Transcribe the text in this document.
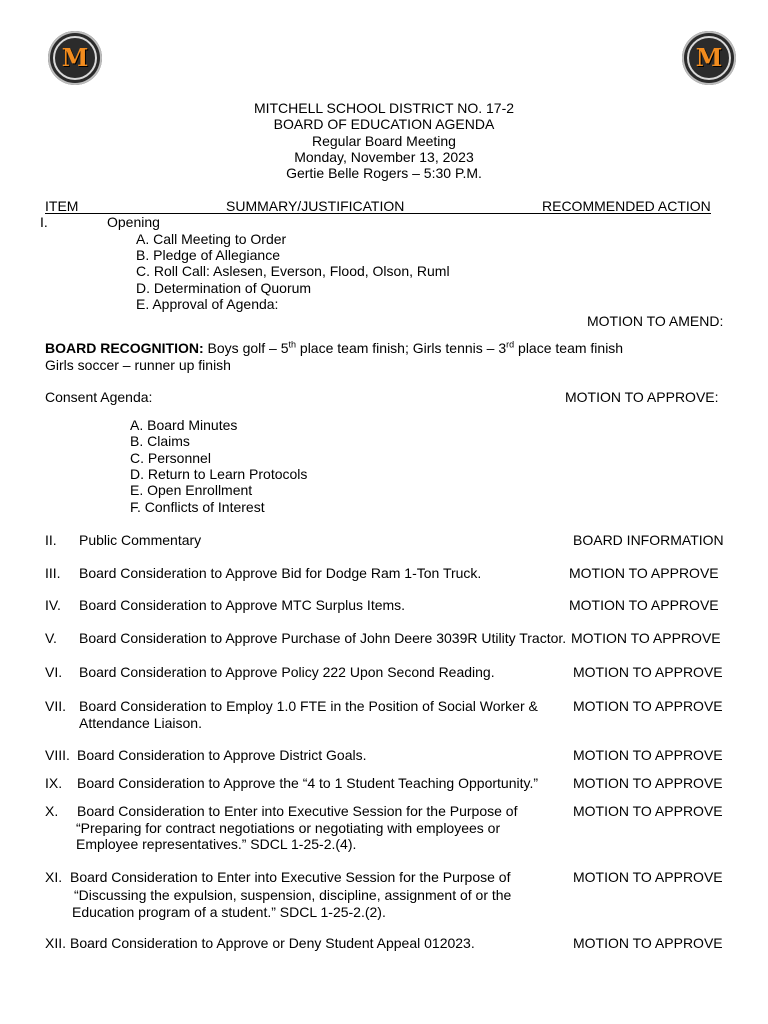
M	M
MITCHELL SCHOOL DISTRICT NO. 17-2
BOARD OF EDUCATION AGENDA
Regular Board Meeting
Monday, November 13, 2023
Gertie Belle Rogers – 5:30 P.M.
ITEM	SUMMARY/JUSTIFICATION	RECOMMENDED ACTION
I.	Opening
A. Call Meeting to Order
B. Pledge of Allegiance
C. Roll Call: Aslesen, Everson, Flood, Olson, Ruml
D. Determination of Quorum
E. Approval of Agenda:
MOTION TO AMEND:
BOARD RECOGNITION: Boys golf – 5th place team finish; Girls tennis – 3rd place team finish
Girls soccer – runner up finish
Consent Agenda:	MOTION TO APPROVE:
A. Board Minutes
B. Claims
C. Personnel
D. Return to Learn Protocols
E. Open Enrollment
F. Conflicts of Interest
II. Public Commentary	BOARD INFORMATION
III. Board Consideration to Approve Bid for Dodge Ram 1-Ton Truck.	MOTION TO APPROVE
IV. Board Consideration to Approve MTC Surplus Items.	MOTION TO APPROVE
V. Board Consideration to Approve Purchase of John Deere 3039R Utility Tractor. MOTION TO APPROVE
VI. Board Consideration to Approve Policy 222 Upon Second Reading.	MOTION TO APPROVE
VII. Board Consideration to Employ 1.0 FTE in the Position of Social Worker &
Attendance Liaison.
MOTION TO APPROVE
VIII. Board Consideration to Approve District Goals.	MOTION TO APPROVE
IX. Board Consideration to Approve the “4 to 1 Student Teaching Opportunity.”	MOTION TO APPROVE
X. Board Consideration to Enter into Executive Session for the Purpose of
“Preparing for contract negotiations or negotiating with employees or
Employee representatives.” SDCL 1-25-2.(4).
MOTION TO APPROVE
XI. Board Consideration to Enter into Executive Session for the Purpose of
“Discussing the expulsion, suspension, discipline, assignment of or the
Education program of a student.” SDCL 1-25-2.(2).
MOTION TO APPROVE
XII. Board Consideration to Approve or Deny Student Appeal 012023.	MOTION TO APPROVE
